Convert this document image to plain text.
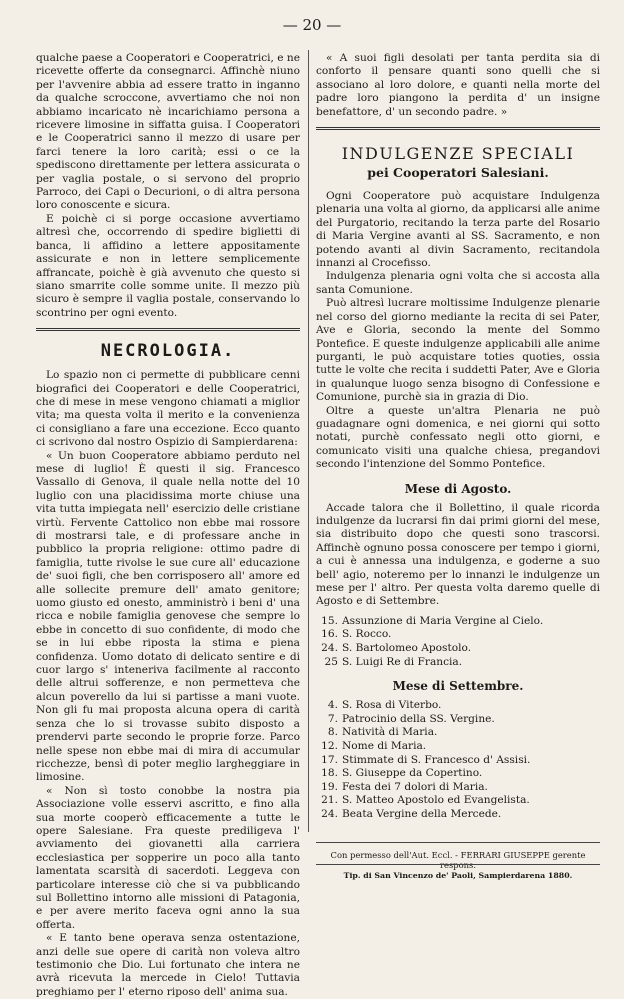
— 20 —

qualche paese a Cooperatori e Cooperatrici, e ne ricevette offerte da consegnarci. Affinchè niuno per l'avvenire abbia ad essere tratto in inganno da qualche scroccone, avvertiamo che noi non abbiamo incaricato nè incarichiamo persona a ricevere limosine in siffatta guisa. I Cooperatori e le Cooperatrici sanno il mezzo di usare per farci tenere la loro carità; essi o ce la spediscono direttamente per lettera assicurata o per vaglia postale, o si servono del proprio Parroco, dei Capi o Decurioni, o di altra persona loro conoscente e sicura.

E poichè ci si porge occasione avvertiamo altresì che, occorrendo di spedire biglietti di banca, li affidino a lettere appositamente assicurate e non in lettere semplicemente affrancate, poichè è già avvenuto che questo si siano smarrite colle somme unite. Il mezzo più sicuro è sempre il vaglia postale, conservando lo scontrino per ogni evento.

NECROLOGIA.

Lo spazio non ci permette di pubblicare cenni biografici dei Cooperatori e delle Cooperatrici, che di mese in mese vengono chiamati a miglior vita; ma questa volta il merito e la convenienza ci consigliano a fare una eccezione. Ecco quanto ci scrivono dal nostro Ospizio di Sampierdarena:

« Un buon Cooperatore abbiamo perduto nel mese di luglio! È questi il sig. Francesco Vassallo di Genova, il quale nella notte del 10 luglio con una placidissima morte chiuse una vita tutta impiegata nell' esercizio delle cristiane virtù. Fervente Cattolico non ebbe mai rossore di mostrarsi tale, e di professare anche in pubblico la propria religione: ottimo padre di famiglia, tutte rivolse le sue cure all' educazione de' suoi figli, che ben corrisposero all' amore ed alle sollecite premure dell' amato genitore; uomo giusto ed onesto, amministrò i beni d' una ricca e nobile famiglia genovese che sempre lo ebbe in concetto di suo confidente, di modo che se in lui ebbe riposta la stima e piena confidenza. Uomo dotato di delicato sentire e di cuor largo s' inteneriva facilmente al racconto delle altrui sofferenze, e non permetteva che alcun poverello da lui si partisse a mani vuote. Non gli fu mai proposta alcuna opera di carità senza che lo si trovasse subito disposto a prendervi parte secondo le proprie forze. Parco nelle spese non ebbe mai di mira di accumular ricchezze, bensì di poter meglio largheggiare in limosine.

« Non sì tosto conobbe la nostra pia Associazione volle esservi ascritto, e fino alla sua morte cooperò efficacemente a tutte le opere Salesiane. Fra queste prediligeva l' avviamento dei giovanetti alla carriera ecclesiastica per sopperire un poco alla tanto lamentata scarsità di sacerdoti. Leggeva con particolare interesse ciò che si va pubblicando sul Bollettino intorno alle missioni di Patagonia, e per avere merito faceva ogni anno la sua offerta.

« E tanto bene operava senza ostentazione, anzi delle sue opere di carità non voleva altro testimonio che Dio. Lui fortunato che intera ne avrà ricevuta la mercede in Cielo! Tuttavia preghiamo per l' eterno riposo dell' anima sua.

« A suoi figli desolati per tanta perdita sia di conforto il pensare quanti sono quelli che si associano al loro dolore, e quanti nella morte del padre loro piangono la perdita d' un insigne benefattore, d' un secondo padre. »

INDULGENZE SPECIALI
pei Cooperatori Salesiani.

Ogni Cooperatore può acquistare Indulgenza plenaria una volta al giorno, da applicarsi alle anime del Purgatorio, recitando la terza parte del Rosario di Maria Vergine avanti al SS. Sacramento, e non potendo avanti al divin Sacramento, recitandola innanzi al Crocefisso.

Indulgenza plenaria ogni volta che si accosta alla santa Comunione.

Può altresì lucrare moltissime Indulgenze plenarie nel corso del giorno mediante la recita di sei Pater, Ave e Gloria, secondo la mente del Sommo Pontefice. E queste indulgenze applicabili alle anime purganti, le può acquistare toties quoties, ossia tutte le volte che recita i suddetti Pater, Ave e Gloria in qualunque luogo senza bisogno di Confessione e Comunione, purchè sia in grazia di Dio.

Oltre a queste un'altra Plenaria ne può guadagnare ogni domenica, e nei giorni qui sotto notati, purchè confessato negli otto giorni, e comunicato visiti una qualche chiesa, pregandovi secondo l'intenzione del Sommo Pontefice.

Mese di Agosto.

Accade talora che il Bollettino, il quale ricorda indulgenze da lucrarsi fin dai primi giorni del mese, sia distribuito dopo che questi sono trascorsi. Affinchè ognuno possa conoscere per tempo i giorni, a cui è annessa una indulgenza, e goderne a suo bell' agio, noteremo per lo innanzi le indulgenze un mese per l' altro. Per questa volta daremo quelle di Agosto e di Settembre.

15. Assunzione di Maria Vergine al Cielo.
16. S. Rocco.
24. S. Bartolomeo Apostolo.
25 S. Luigi Re di Francia.
Mese di Settembre.
4. S. Rosa di Viterbo.
7. Patrocinio della SS. Vergine.
8. Natività di Maria.
12. Nome di Maria.
17. Stimmate di S. Francesco d' Assisi.
18. S. Giuseppe da Copertino.
19. Festa dei 7 dolori di Maria.
21. S. Matteo Apostolo ed Evangelista.
24. Beata Vergine della Mercede.
Con permesso dell'Aut. Eccl. - FERRARI GIUSEPPE gerente respons.
Tip. di San Vincenzo de' Paoli, Sampierdarena 1880.
